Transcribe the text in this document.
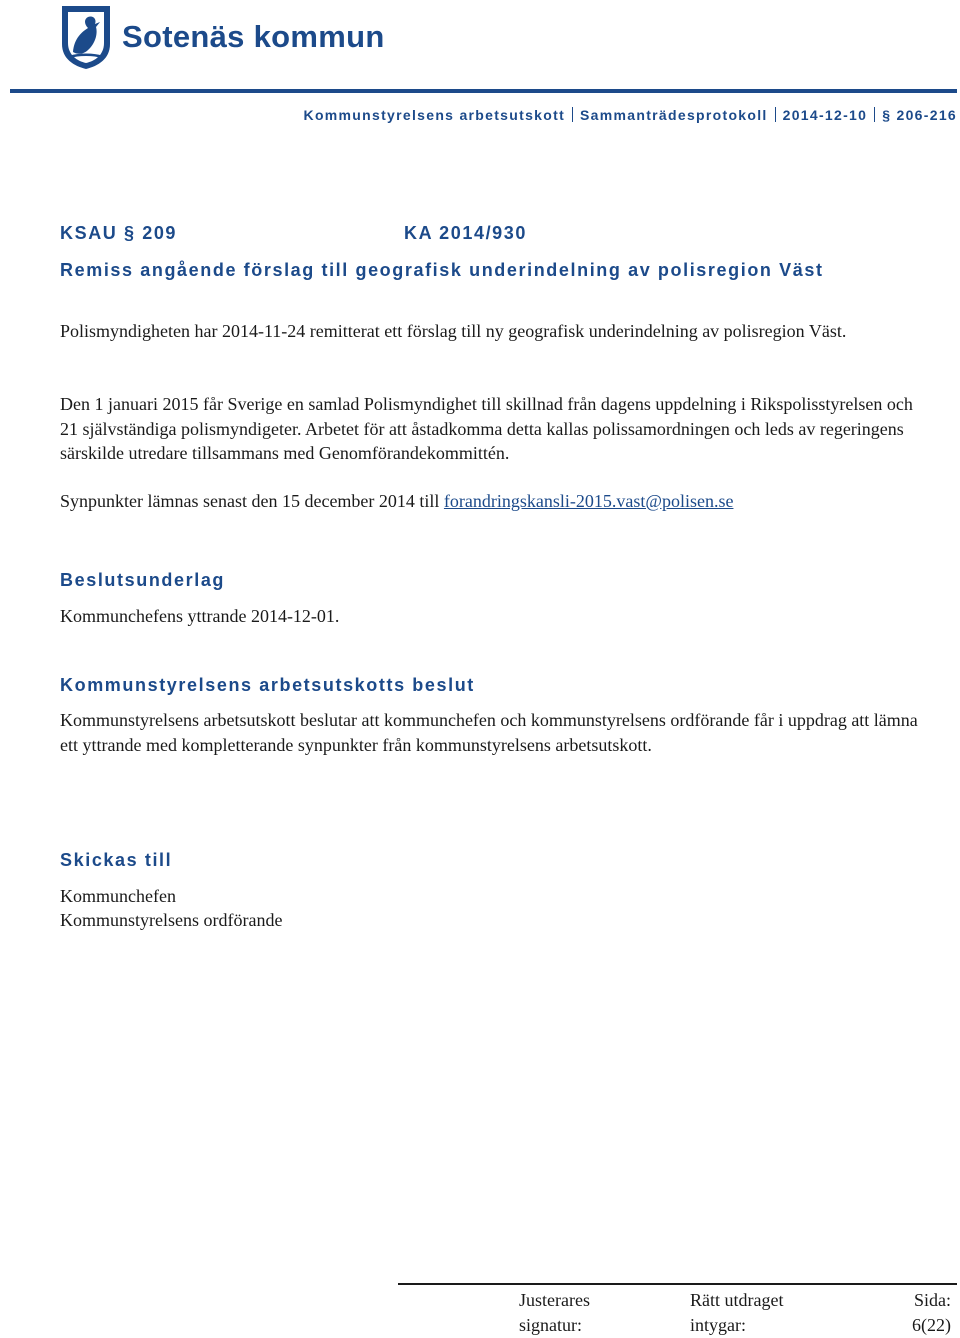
Sotenäs kommun
Kommunstyrelsens arbetsutskott Sammanträdesprotokoll 2014-12-10 § 206-216
KSAU § 209	KA 2014/930
Remiss angående förslag till geografisk underindelning av polisregion Väst

Polismyndigheten har 2014-11-24 remitterat ett förslag till ny geografisk underindelning av polisregion Väst.

Den 1 januari 2015 får Sverige en samlad Polismyndighet till skillnad från dagens uppdelning i Rikspolisstyrelsen och 21 självständiga polismyndigeter. Arbetet för att åstadkomma detta kallas polissamordningen och leds av regeringens särskilde utredare tillsammans med Genomförandekommittén.

Synpunkter lämnas senast den 15 december 2014 till forandringskansli-2015.vast@polisen.se

Beslutsunderlag

Kommunchefens yttrande 2014-12-01.

Kommunstyrelsens arbetsutskotts beslut

Kommunstyrelsens arbetsutskott beslutar att kommunchefen och kommunstyrelsens ordförande får i uppdrag att lämna ett yttrande med kompletterande synpunkter från kommunstyrelsens arbetsutskott.

Skickas till

Kommunchefen

Kommunstyrelsens ordförande

Justerares
signatur:
Rätt utdraget
intygar:
Sida:
6(22)
